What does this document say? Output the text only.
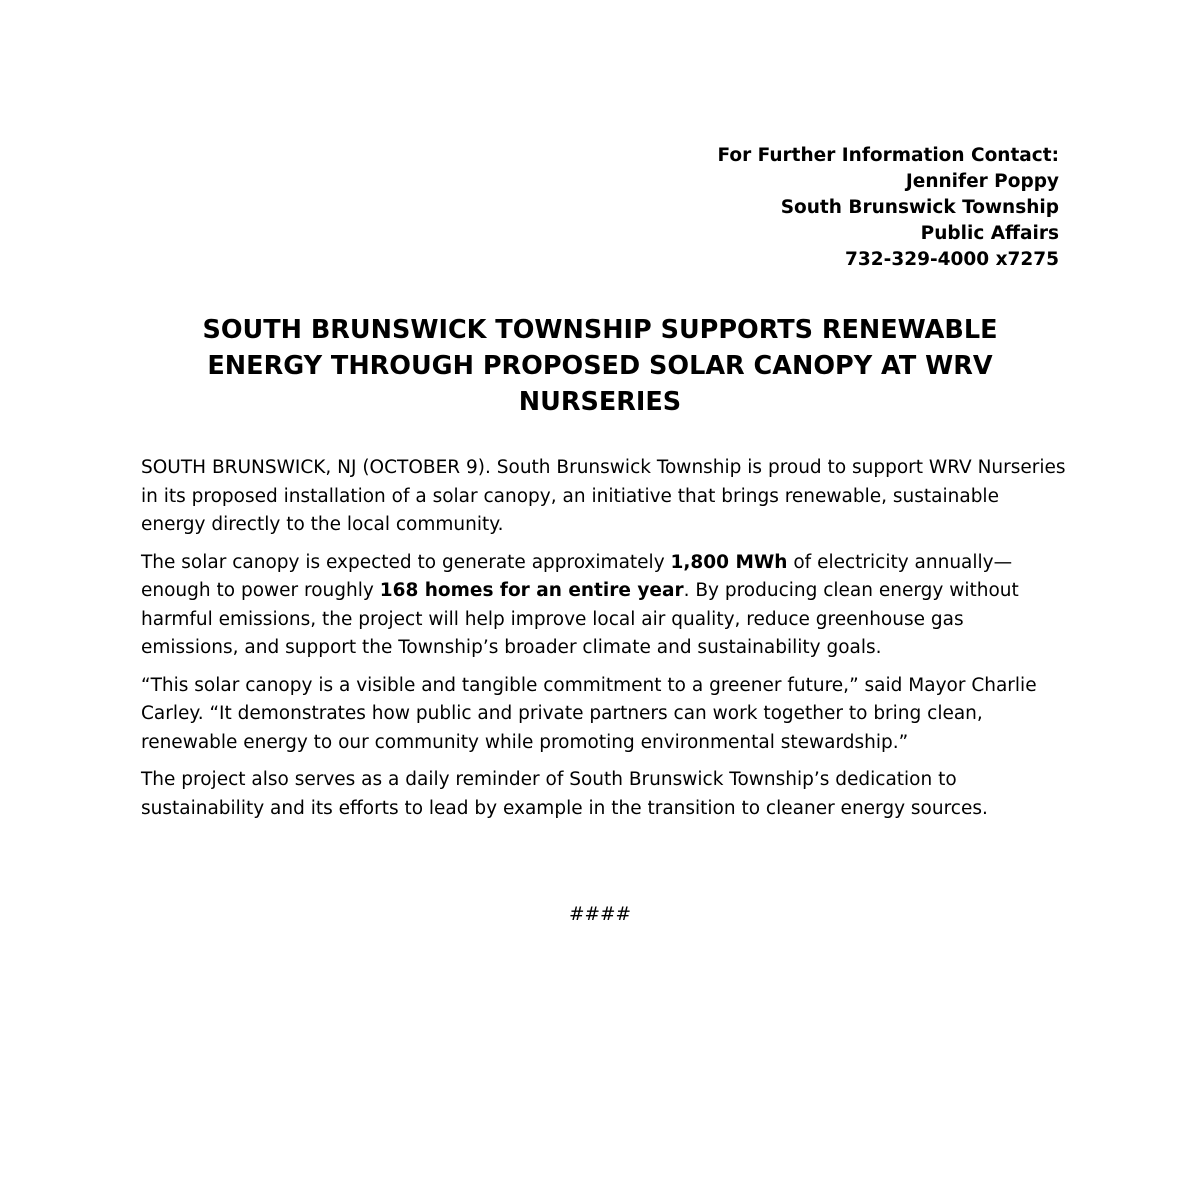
For Further Information Contact:
Jennifer Poppy
South Brunswick Township
Public Affairs
732-329-4000 x7275
SOUTH BRUNSWICK TOWNSHIP SUPPORTS RENEWABLE ENERGY THROUGH PROPOSED SOLAR CANOPY AT WRV NURSERIES

SOUTH BRUNSWICK, NJ (OCTOBER 9). South Brunswick Township is proud to support WRV Nurseries in its proposed installation of a solar canopy, an initiative that brings renewable, sustainable energy directly to the local community.

The solar canopy is expected to generate approximately 1,800 MWh of electricity annually—enough to power roughly 168 homes for an entire year. By producing clean energy without harmful emissions, the project will help improve local air quality, reduce greenhouse gas emissions, and support the Township’s broader climate and sustainability goals.

“This solar canopy is a visible and tangible commitment to a greener future,” said Mayor Charlie Carley. “It demonstrates how public and private partners can work together to bring clean, renewable energy to our community while promoting environmental stewardship.”

The project also serves as a daily reminder of South Brunswick Township’s dedication to sustainability and its efforts to lead by example in the transition to cleaner energy sources.

####
